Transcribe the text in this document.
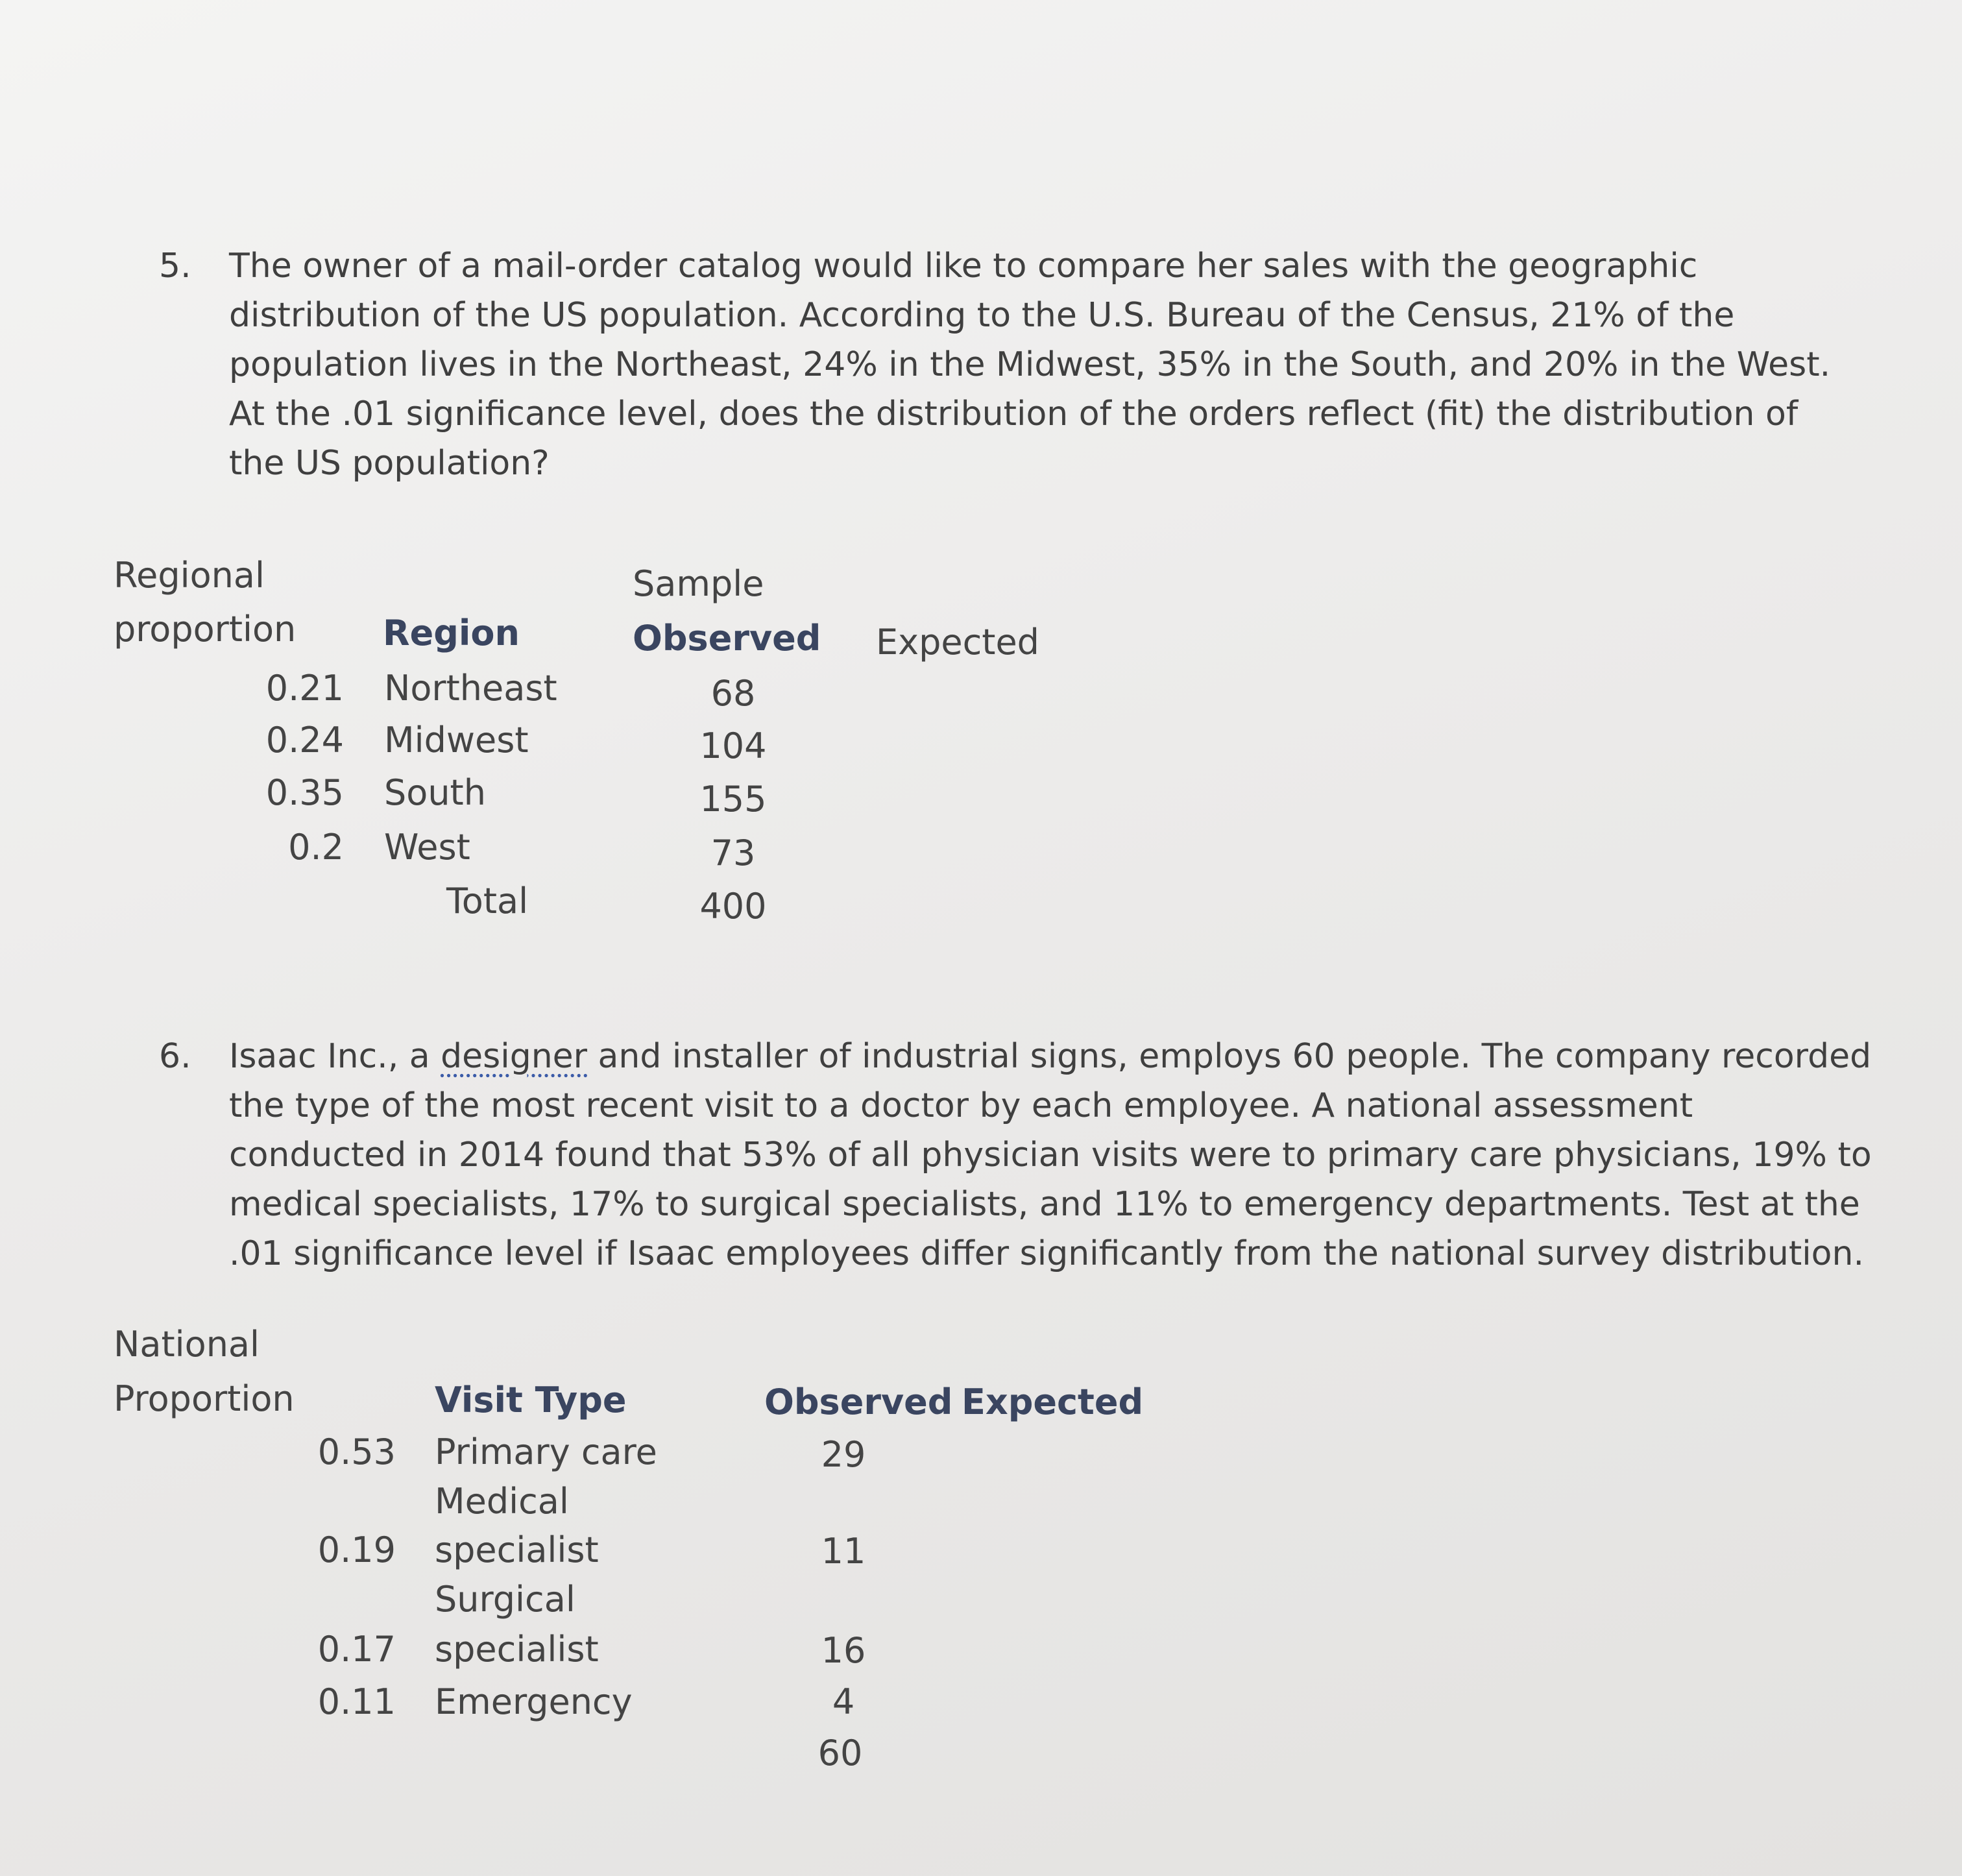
5. The owner of a mail-order catalog would like to compare her sales with the geographic
distribution of the US population. According to the U.S. Bureau of the Census, 21% of the
population lives in the Northeast, 24% in the Midwest, 35% in the South, and 20% in the West.
At the .01 significance level, does the distribution of the orders reflect (fit) the distribution of
the US population?
Regional
proportion Region
Sample
Observed Expected
0.21 Northeast	68
0.24 Midwest	104
0.35 South	155
0.2 West	73
Total	400
6. Isaac Inc., a designer and installer of industrial signs, employs 60 people. The company recorded
the type of the most recent visit to a doctor by each employee. A national assessment
conducted in 2014 found that 53% of all physician visits were to primary care physicians, 19% to
medical specialists, 17% to surgical specialists, and 11% to emergency departments. Test at the
.01 significance level if Isaac employees differ significantly from the national survey distribution.
National
Proportion	Visit Type	Observed Expected
0.53 Primary care	29
Medical
0.19 specialist	11
Surgical
0.17 specialist	16
0.11 Emergency	4
60
